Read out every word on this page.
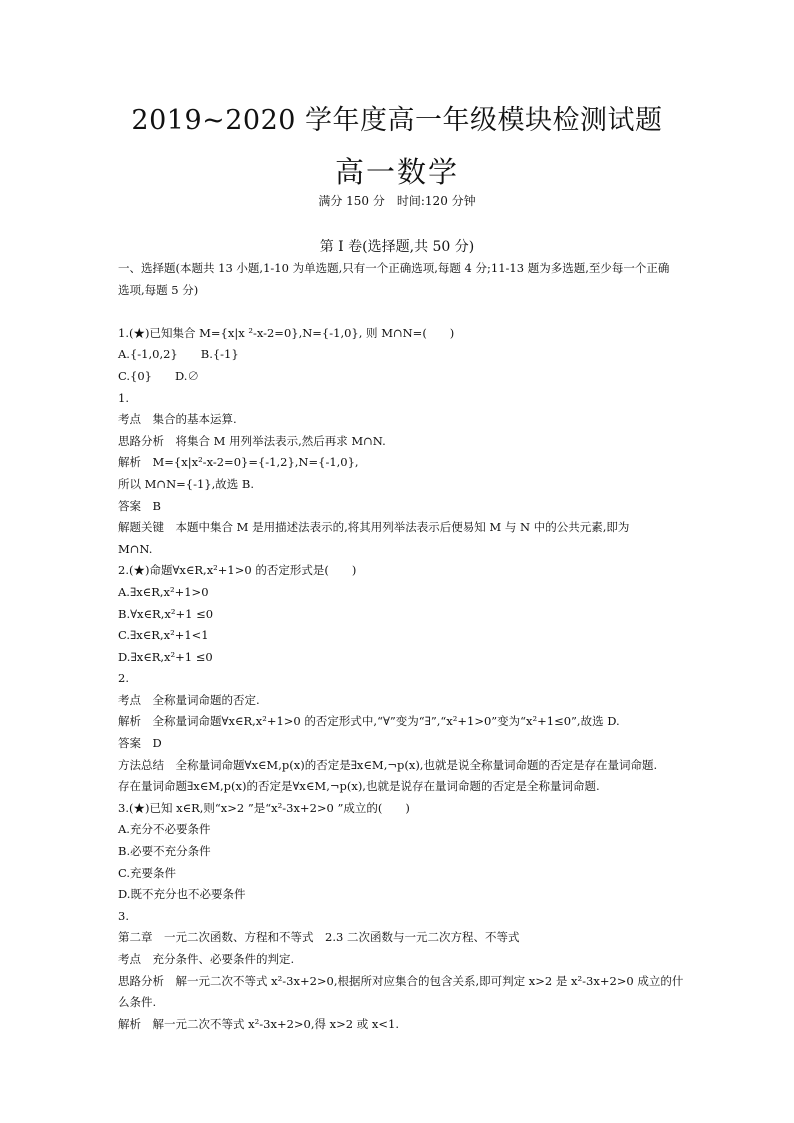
2019~2020 学年度高一年级模块检测试题
高一数学
满分 150 分　时间:120 分钟
第 I 卷(选择题,共 50 分)
一、选择题(本题共 13 小题,1-10 为单选题,只有一个正确选项,每题 4 分;11-13 题为多选题,至少每一个正确选项,每题 5 分)
1.(★)已知集合 M={x|x ²-x-2=0},N={-1,0}, 则 M∩N=(　　)
A.{-1,0,2}　　B.{-1}
C.{0}　　D.∅
1.
考点　集合的基本运算.
思路分析　将集合 M 用列举法表示,然后再求 M∩N.
解析　M={x|x²-x-2=0}={-1,2},N={-1,0},
所以 M∩N={-1},故选 B.
答案　B
解题关键　本题中集合 M 是用描述法表示的,将其用列举法表示后便易知 M 与 N 中的公共元素,即为
M∩N.
2.(★)命题∀x∈R,x²+1>0 的否定形式是(　　)
A.∃x∈R,x²+1>0
B.∀x∈R,x²+1 ≤0
C.∃x∈R,x²+1<1
D.∃x∈R,x²+1 ≤0
2.
考点　全称量词命题的否定.
解析　全称量词命题∀x∈R,x²+1>0 的否定形式中,“∀”变为“∃”,“x²+1>0”变为“x²+1≤0”,故选 D.
答案　D
方法总结　全称量词命题∀x∈M,p(x)的否定是∃x∈M,¬p(x),也就是说全称量词命题的否定是存在量词命题.
存在量词命题∃x∈M,p(x)的否定是∀x∈M,¬p(x),也就是说存在量词命题的否定是全称量词命题.
3.(★)已知 x∈R,则“x>2 ”是“x²-3x+2>0 ”成立的(　　)
A.充分不必要条件
B.必要不充分条件
C.充要条件
D.既不充分也不必要条件
3.
第二章　一元二次函数、方程和不等式　2.3 二次函数与一元二次方程、不等式
考点　充分条件、必要条件的判定.
思路分析　解一元二次不等式 x²-3x+2>0,根据所对应集合的包含关系,即可判定 x>2 是 x²-3x+2>0 成立的什
么条件.
解析　解一元二次不等式 x²-3x+2>0,得 x>2 或 x<1.
